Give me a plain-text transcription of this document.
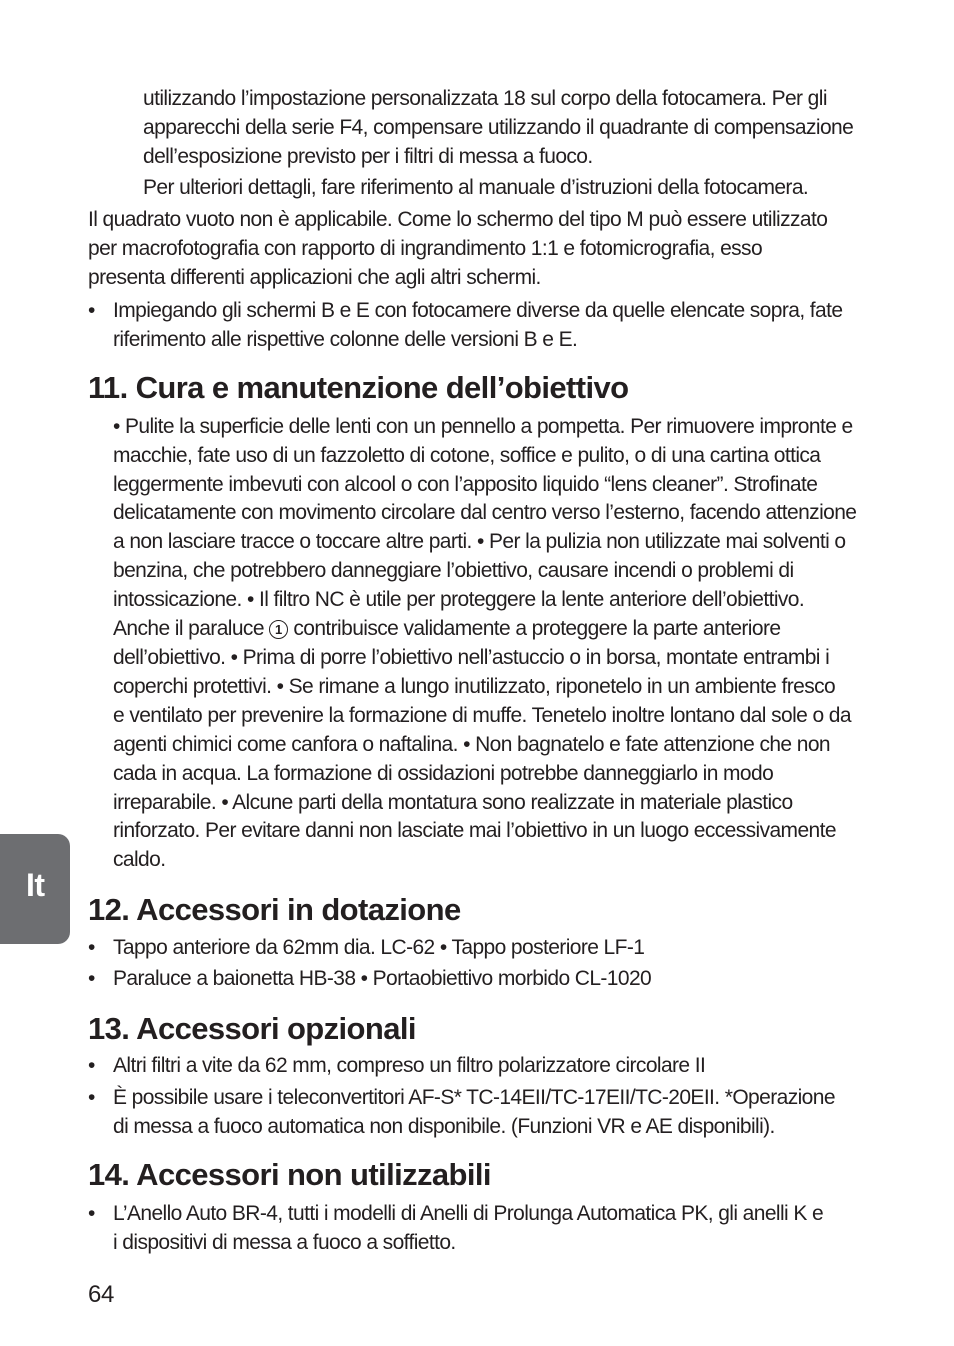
utilizzando l’impostazione personalizzata 18 sul corpo della fotocamera. Per gli
apparecchi della serie F4, compensare utilizzando il quadrante di compensazione
dell’esposizione previsto per i filtri di messa a fuoco.
Per ulteriori dettagli, fare riferimento al manuale d’istruzioni della fotocamera.
Il quadrato vuoto non è applicabile. Come lo schermo del tipo M può essere utilizzato
per macrofotografia con rapporto di ingrandimento 1:1 e fotomicrografia, esso
presenta differenti applicazioni che agli altri schermi.
• Impiegando gli schermi B e E con fotocamere diverse da quelle elencate sopra, fate
riferimento alle rispettive colonne delle versioni B e E.
11. Cura e manutenzione dell’obiettivo
• Pulite la superficie delle lenti con un pennello a pompetta. Per rimuovere impronte e
macchie, fate uso di un fazzoletto di cotone, soffice e pulito, o di una cartina ottica
leggermente imbevuti con alcool o con l’apposito liquido “lens cleaner”. Strofinate
delicatamente con movimento circolare dal centro verso l’esterno, facendo attenzione
a non lasciare tracce o toccare altre parti. • Per la pulizia non utilizzate mai solventi o
benzina, che potrebbero danneggiare l’obiettivo, causare incendi o problemi di
intossicazione. • Il filtro NC è utile per proteggere la lente anteriore dell’obiettivo.
Anche il paraluce 1 contribuisce validamente a proteggere la parte anteriore
dell’obiettivo. • Prima di porre l’obiettivo nell’astuccio o in borsa, montate entrambi i
coperchi protettivi. • Se rimane a lungo inutilizzato, riponetelo in un ambiente fresco
e ventilato per prevenire la formazione di muffe. Tenetelo inoltre lontano dal sole o da
agenti chimici come canfora o naftalina. • Non bagnatelo e fate attenzione che non
cada in acqua. La formazione di ossidazioni potrebbe danneggiarlo in modo
irreparabile. • Alcune parti della montatura sono realizzate in materiale plastico
rinforzato. Per evitare danni non lasciate mai l’obiettivo in un luogo eccessivamente
caldo.
It
12. Accessori in dotazione
• Tappo anteriore da 62mm dia. LC-62 • Tappo posteriore LF-1
• Paraluce a baionetta HB-38 • Portaobiettivo morbido CL-1020
13. Accessori opzionali
• Altri filtri a vite da 62 mm, compreso un filtro polarizzatore circolare II
• È possibile usare i teleconvertitori AF-S* TC-14EII/TC-17EII/TC-20EII. *Operazione
di messa a fuoco automatica non disponibile. (Funzioni VR e AE disponibili).
14. Accessori non utilizzabili
• L’Anello Auto BR-4, tutti i modelli di Anelli di Prolunga Automatica PK, gli anelli K e
i dispositivi di messa a fuoco a soffietto.
64
